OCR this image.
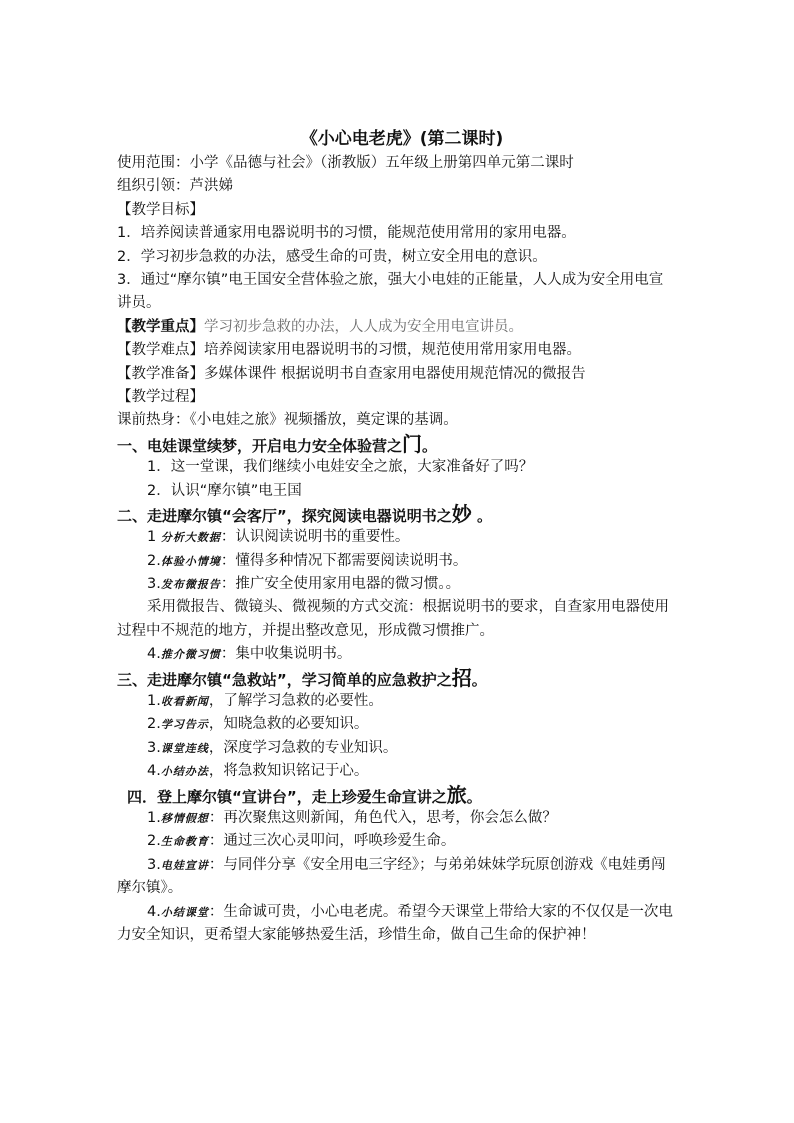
《小心电老虎》(第二课时)
使用范围：小学《品德与社会》（浙教版）五年级上册第四单元第二课时
组织引领：芦洪娣
【教学目标】
1．培养阅读普通家用电器说明书的习惯，能规范使用常用的家用电器。
2．学习初步急救的办法，感受生命的可贵，树立安全用电的意识。
3．通过“摩尔镇”电王国安全营体验之旅，强大小电娃的正能量，人人成为安全用电宣讲员。
【教学重点】学习初步急救的办法，人人成为安全用电宣讲员。
【教学难点】培养阅读家用电器说明书的习惯，规范使用常用家用电器。
【教学准备】多媒体课件 根据说明书自查家用电器使用规范情况的微报告
【教学过程】
课前热身：《小电娃之旅》视频播放，奠定课的基调。
一、电娃课堂续梦，开启电力安全体验营之门。
1．这一堂课，我们继续小电娃安全之旅，大家准备好了吗？
2．认识“摩尔镇”电王国
二、走进摩尔镇“会客厅”，探究阅读电器说明书之妙 。
1 分析大数据：认识阅读说明书的重要性。
2.体验小情境：懂得多种情况下都需要阅读说明书。
3.发布微报告：推广安全使用家用电器的微习惯。。
采用微报告、微镜头、微视频的方式交流：根据说明书的要求，自查家用电器使用过程中不规范的地方，并提出整改意见，形成微习惯推广。
4.推介微习惯：集中收集说明书。
三、走进摩尔镇“急救站”，学习简单的应急救护之招。
1.收看新闻，了解学习急救的必要性。
2.学习告示，知晓急救的必要知识。
3.课堂连线，深度学习急救的专业知识。
4.小结办法，将急救知识铭记于心。
四．登上摩尔镇“宣讲台”，走上珍爱生命宣讲之旅。
1.移情假想：再次聚焦这则新闻，角色代入，思考，你会怎么做？
2.生命教育：通过三次心灵叩问，呼唤珍爱生命。
3.电娃宣讲：与同伴分享《安全用电三字经》；与弟弟妹妹学玩原创游戏《电娃勇闯摩尔镇》。
4.小结课堂：生命诚可贵，小心电老虎。希望今天课堂上带给大家的不仅仅是一次电力安全知识，更希望大家能够热爱生活，珍惜生命，做自己生命的保护神！
